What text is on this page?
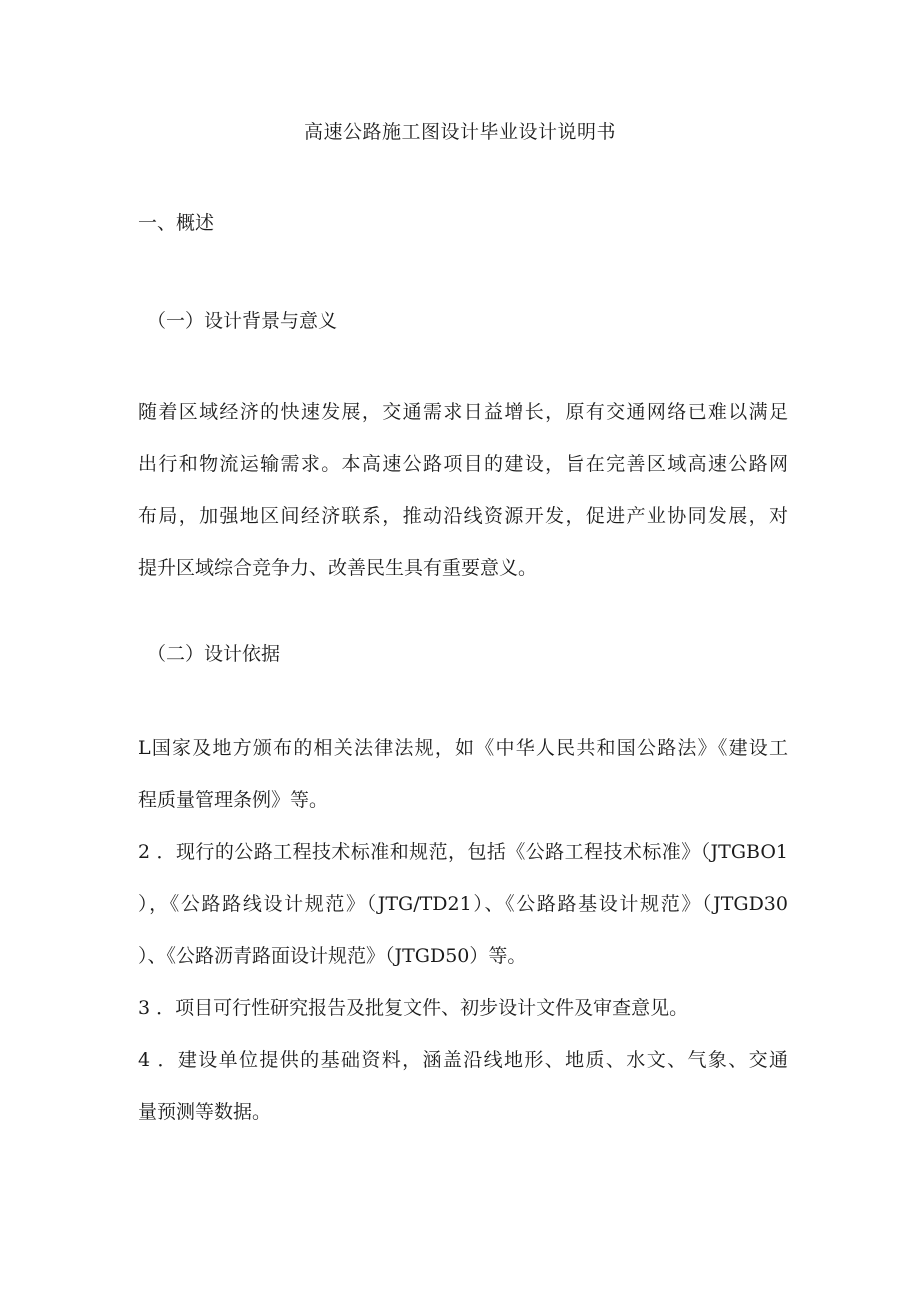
高速公路施工图设计毕业设计说明书
一、概述
（一）设计背景与意义
随着区域经济的快速发展，交通需求日益增长，原有交通网络已难以满足
出行和物流运输需求。本高速公路项目的建设，旨在完善区域高速公路网
布局，加强地区间经济联系，推动沿线资源开发，促进产业协同发展，对
提升区域综合竞争力、改善民生具有重要意义。
（二）设计依据
L国家及地方颁布的相关法律法规，如《中华人民共和国公路法》《建设工
程质量管理条例》等。
2 ．现行的公路工程技术标准和规范，包括《公路工程技术标准》（JTGBO1
），《公路路线设计规范》（JTG/TD21）、《公路路基设计规范》（JTGD30
）、《公路沥青路面设计规范》（JTGD50）等。
3 ．项目可行性研究报告及批复文件、初步设计文件及审查意见。
4 ．建设单位提供的基础资料，涵盖沿线地形、地质、水文、气象、交通
量预测等数据。
